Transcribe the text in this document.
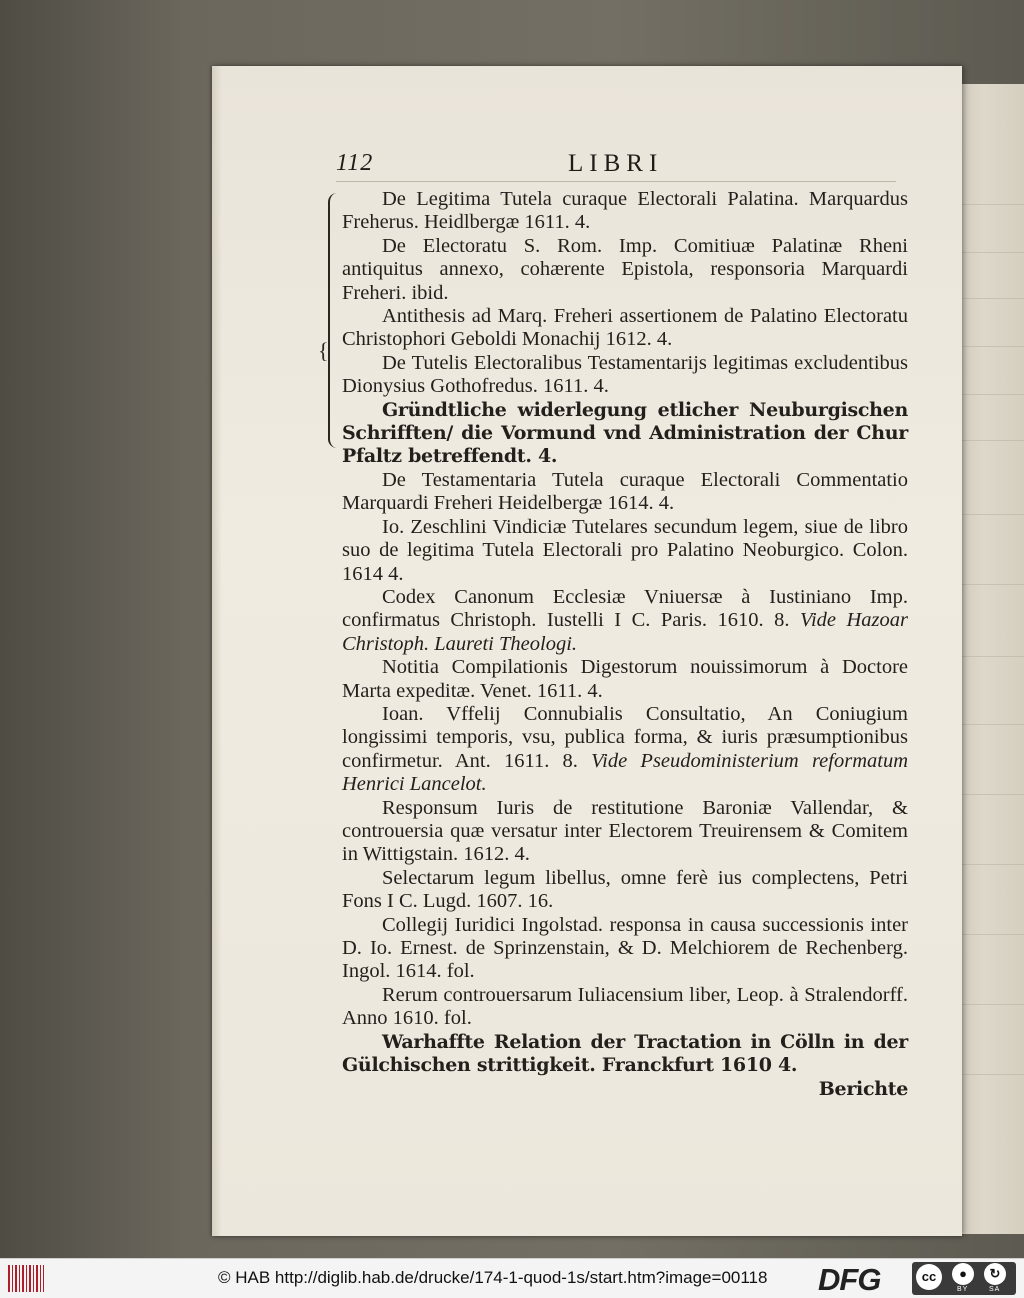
112	LIBRI
{

De Legitima Tutela curaque Electorali Palatina. Marquardus Freherus. Heidlbergæ 1611. 4.

De Electoratu S. Rom. Imp. Comitiuæ Palatinæ Rheni antiquitus annexo, cohærente Epistola, responsoria Marquardi Freheri. ibid.

Antithesis ad Marq. Freheri assertionem de Palatino Electoratu Christophori Geboldi Monachij 1612. 4.

De Tutelis Electoralibus Testamentarijs legitimas excludentibus Dionysius Gothofredus. 1611. 4.

Gründtliche widerlegung etlicher Neuburgischen Schrifften/ die Vormund vnd Administration der Chur Pfaltz betreffendt. 4.

De Testamentaria Tutela curaque Electorali Commentatio Marquardi Freheri Heidelbergæ 1614. 4.

Io. Zeschlini Vindiciæ Tutelares secundum legem, siue de libro suo de legitima Tutela Electorali pro Palatino Neoburgico. Colon. 1614 4.

Codex Canonum Ecclesiæ Vniuersæ à Iustiniano Imp. confirmatus Christoph. Iustelli I C. Paris. 1610. 8. Vide Hazoar Christoph. Laureti Theologi.

Notitia Compilationis Digestorum nouissimorum à Doctore Marta expeditæ. Venet. 1611. 4.

Ioan. Vffelij Connubialis Consultatio, An Coniugium longissimi temporis, vsu, publica forma, & iuris præsumptionibus confirmetur. Ant. 1611. 8. Vide Pseudoministerium reformatum Henrici Lancelot.

Responsum Iuris de restitutione Baroniæ Vallendar, & controuersia quæ versatur inter Electorem Treuirensem & Comitem in Wittigstain. 1612. 4.

Selectarum legum libellus, omne ferè ius complectens, Petri Fons I C. Lugd. 1607. 16.

Collegij Iuridici Ingolstad. responsa in causa successionis inter D. Io. Ernest. de Sprinzenstain, & D. Melchiorem de Rechenberg. Ingol. 1614. fol.

Rerum controuersarum Iuliacensium liber, Leop. à Stralendorff. Anno 1610. fol.

Warhaffte Relation der Tractation in Cölln in der Gülchischen strittigkeit. Franckfurt 1610 4.
Berichte

© HAB http://diglib.hab.de/drucke/174-1-quod-1s/start.htm?image=00118 DFG	cc	●
BY
↻
SA
